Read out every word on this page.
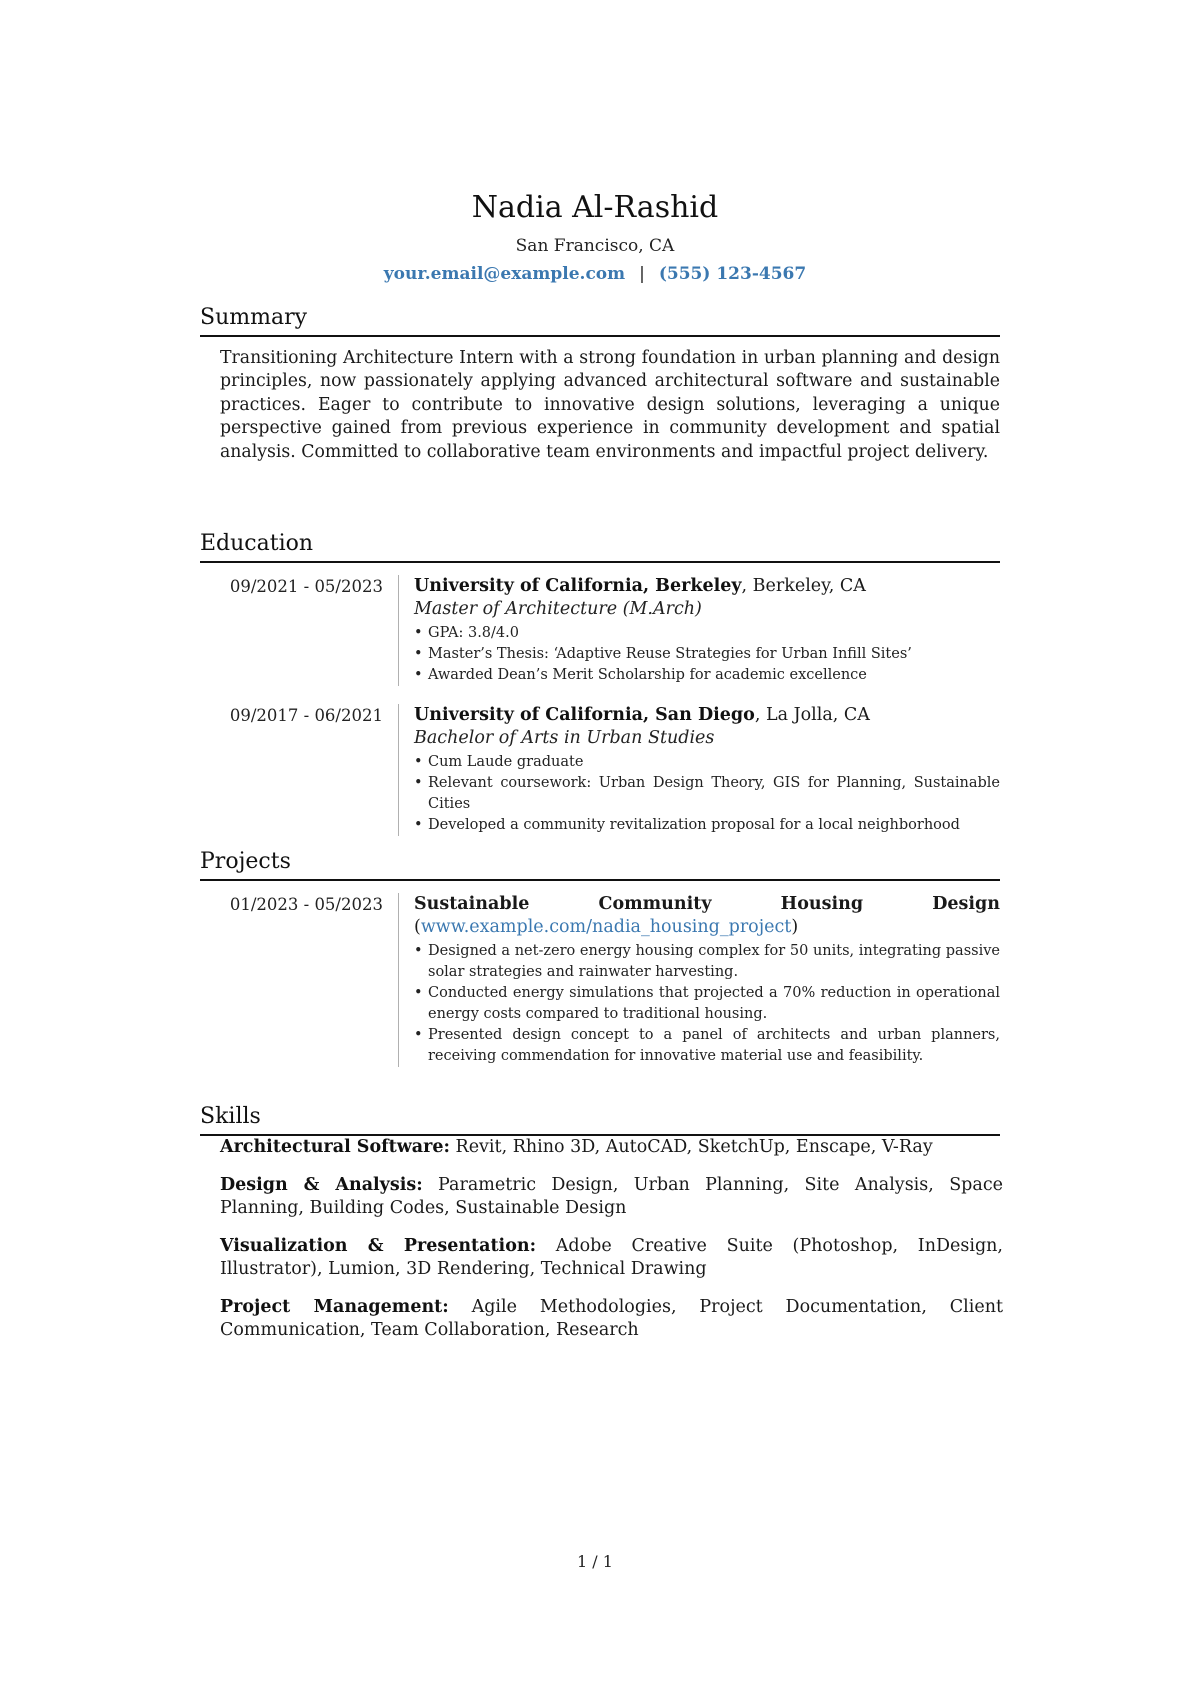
Nadia Al-Rashid
San Francisco, CA
your.email@example.com | (555) 123-4567
Summary
Transitioning Architecture Intern with a strong foundation in urban planning and design principles, now passionately applying advanced architectural software and sustainable practices. Eager to contribute to innovative design solutions, leveraging a unique perspective gained from previous experience in community development and spatial analysis. Committed to collaborative team environments and impactful project delivery.
Education
09/2021 - 05/2023	University of California, Berkeley, Berkeley, CA
Master of Architecture (M.Arch)
• GPA: 3.8/4.0
• Master’s Thesis: ‘Adaptive Reuse Strategies for Urban Infill Sites’
• Awarded Dean’s Merit Scholarship for academic excellence
09/2017 - 06/2021	University of California, San Diego, La Jolla, CA
Bachelor of Arts in Urban Studies
• Cum Laude graduate
• Relevant coursework: Urban Design Theory, GIS for Planning, Sustainable Cities
• Developed a community revitalization proposal for a local neighborhood
Projects
01/2023 - 05/2023	Sustainable Community Housing Design (www.example.com/nadia_housing_project)
• Designed a net-zero energy housing complex for 50 units, integrating passive solar strategies and rainwater harvesting.
• Conducted energy simulations that projected a 70% reduction in operational energy costs compared to traditional housing.
• Presented design concept to a panel of architects and urban planners, receiving commendation for innovative material use and feasibility.
Skills
Architectural Software: Revit, Rhino 3D, AutoCAD, SketchUp, Enscape, V-Ray
Design & Analysis: Parametric Design, Urban Planning, Site Analysis, Space Planning, Building Codes, Sustainable Design
Visualization & Presentation: Adobe Creative Suite (Photoshop, InDesign, Illustrator), Lumion, 3D Rendering, Technical Drawing
Project Management: Agile Methodologies, Project Documentation, Client Communication, Team Collaboration, Research
1 / 1
